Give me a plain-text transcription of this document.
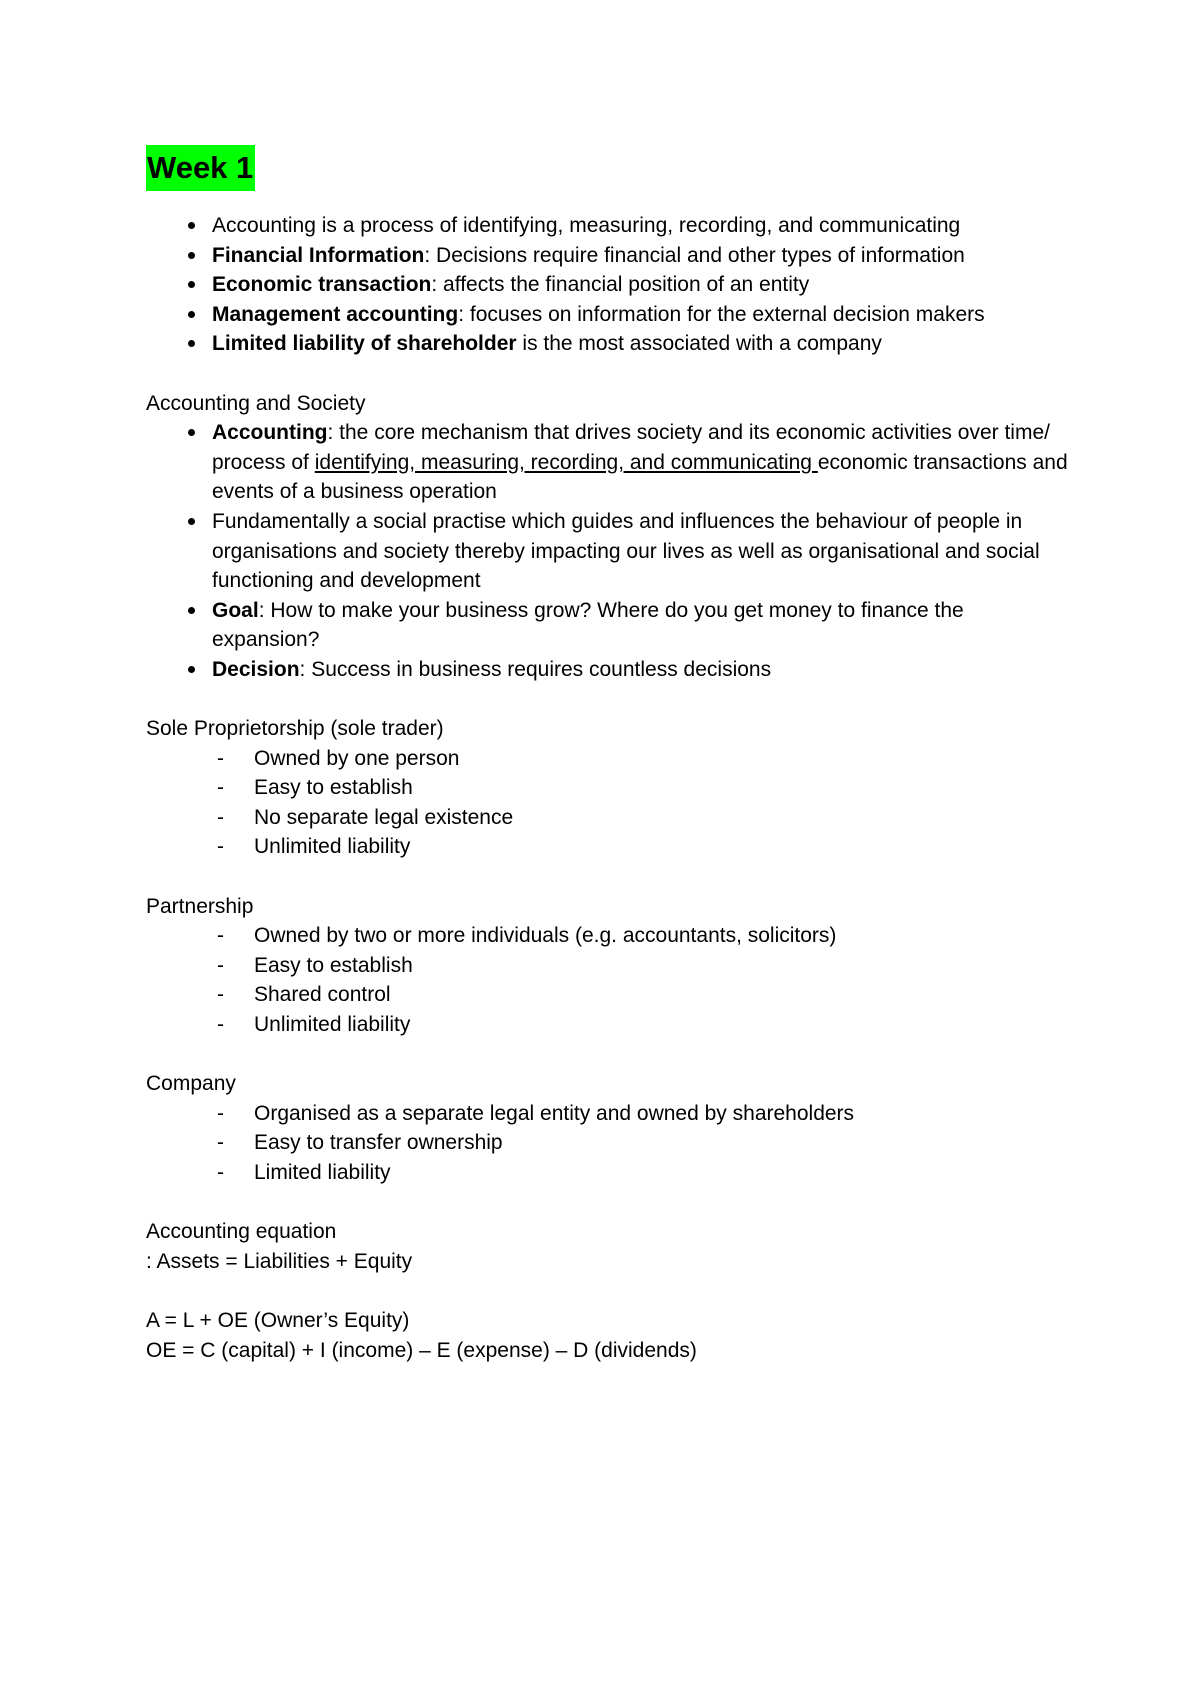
Week 1
Accounting is a process of identifying, measuring, recording, and communicating
Financial Information: Decisions require financial and other types of information
Economic transaction: affects the financial position of an entity
Management accounting: focuses on information for the external decision makers
Limited liability of shareholder is the most associated with a company

Accounting and Society

Accounting: the core mechanism that drives society and its economic activities over time/ process of identifying, measuring, recording, and communicating economic transactions and events of a business operation
Fundamentally a social practise which guides and influences the behaviour of people in organisations and society thereby impacting our lives as well as organisational and social functioning and development
Goal: How to make your business grow? Where do you get money to finance the expansion?
Decision: Success in business requires countless decisions

Sole Proprietorship (sole trader)

- Owned by one person
- Easy to establish
- No separate legal existence
- Unlimited liability

Partnership

- Owned by two or more individuals (e.g. accountants, solicitors)
- Easy to establish
- Shared control
- Unlimited liability

Company

- Organised as a separate legal entity and owned by shareholders
- Easy to transfer ownership
- Limited liability

Accounting equation

: Assets = Liabilities + Equity

A = L + OE (Owner’s Equity)

OE = C (capital) + I (income) – E (expense) – D (dividends)
